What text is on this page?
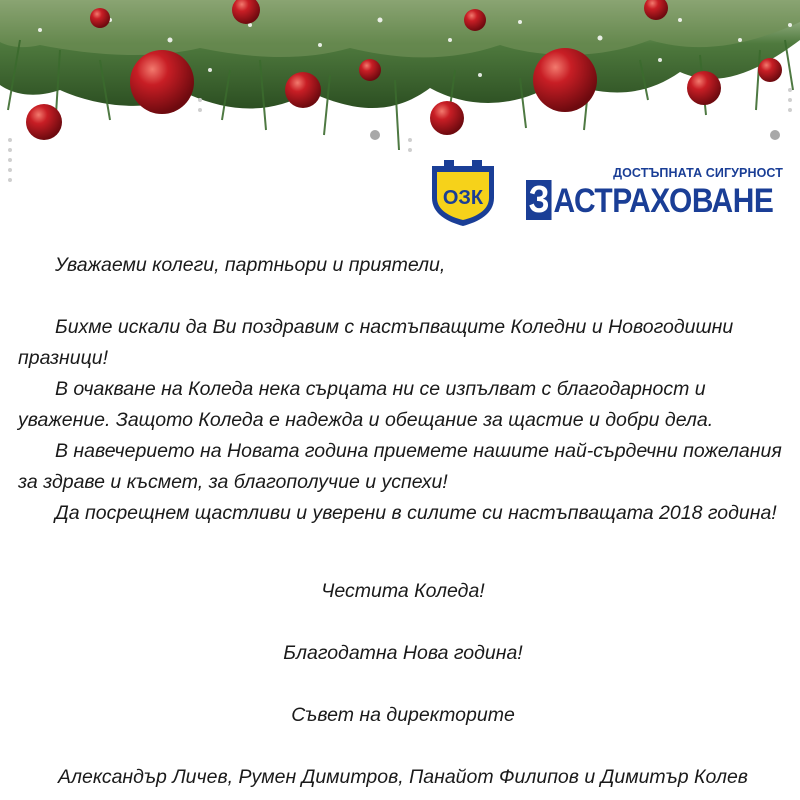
ОЗК
ДОСТЪПНАТА СИГУРНОСТ
З АСТРАХОВАНЕ

Уважаеми колеги, партньори и приятели,

Бихме искали да Ви поздравим с настъпващите Коледни и Новогодишни празници!

В очакване на Коледа нека сърцата ни се изпълват с благодарност и уважение. Защото Коледа е надежда и обещание за щастие и добри дела.

В навечерието на Новата година приемете нашите най-сърдечни пожелания за здраве и късмет, за благополучие и успехи!

Да посрещнем щастливи и уверени в силите си настъпващата 2018 година!

Честита Коледа!

Благодатна Нова година!

Съвет на директорите

Александър Личев, Румен Димитров, Панайот Филипов и Димитър Колев
